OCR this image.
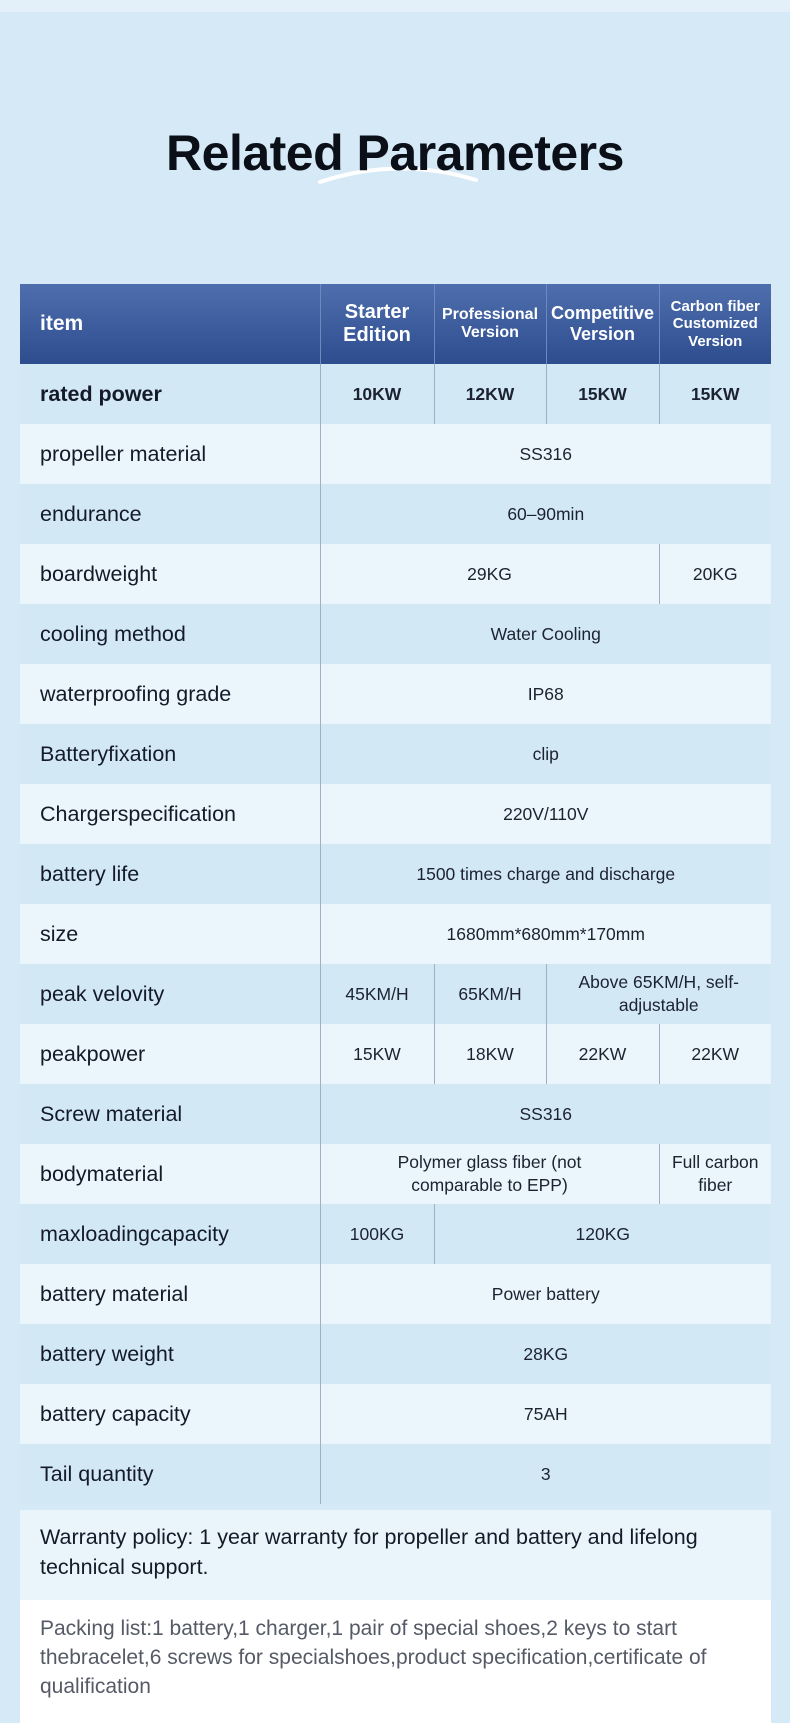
Related Parameters
item	Starter Edition	Professional Version	Competitive Version	Carbon fiber Customized Version
rated power	10KW	12KW	15KW	15KW
propeller material	SS316			
endurance	60–90min			
boardweight	29KG			20KG
cooling method	Water Cooling			
waterproofing grade	IP68			
Batteryfixation	clip			
Chargerspecification	220V/110V			
battery life	1500 times charge and discharge			
size	1680mm*680mm*170mm			
peak velovity	45KM/H	65KM/H	Above 65KM/H, self-adjustable	
peakpower	15KW	18KW	22KW	22KW
Screw material	SS316			
bodymaterial	Polymer glass fiber (not comparable to EPP)			Full carbon fiber
maxloadingcapacity	100KG	120KG		
battery material	Power battery			
battery weight	28KG			
battery capacity	75AH			
Tail quantity	3			
Warranty policy: 1 year warranty for propeller and battery and lifelong technical support.
Packing list:1 battery,1 charger,1 pair of special shoes,2 keys to start thebracelet,6 screws for specialshoes,product specification,certificate of qualification
